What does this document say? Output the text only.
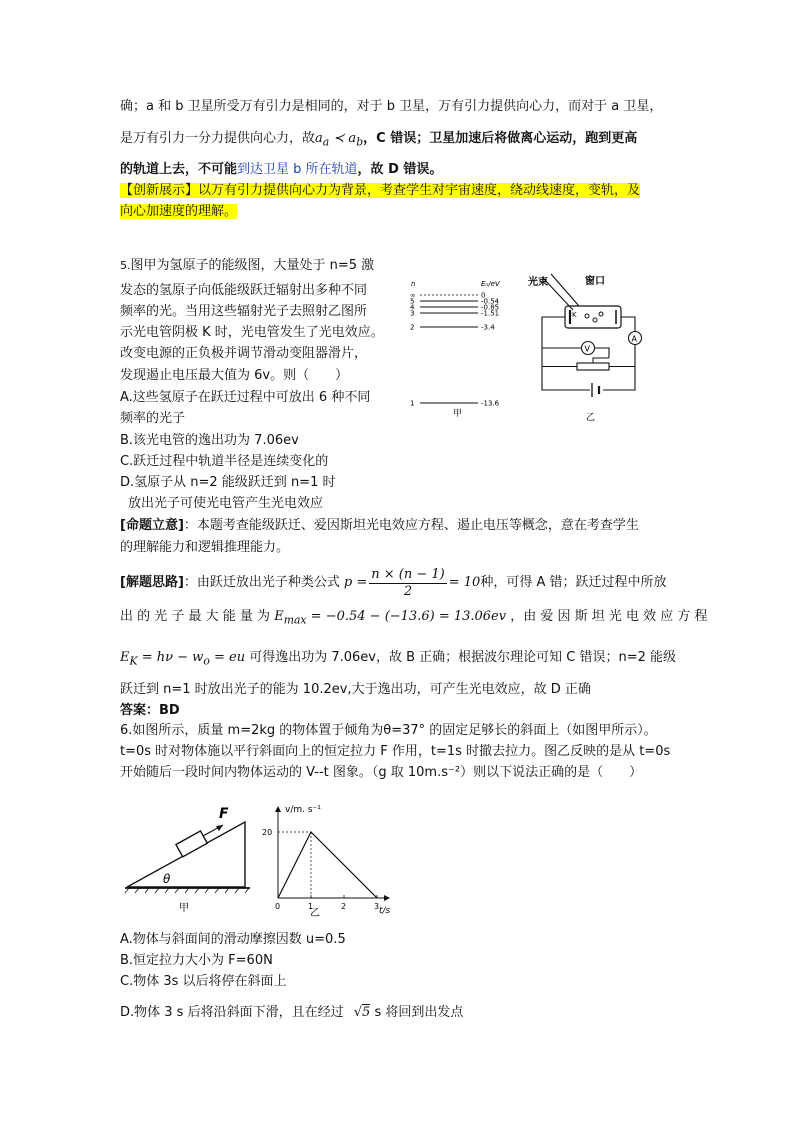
确；a 和 b 卫星所受万有引力是相同的，对于 b 卫星，万有引力提供向心力，而对于 a 卫星，
是万有引力一分力提供向心力，故$a_a$ ≺ $a_b$，C 错误；卫星加速后将做离心运动，跑到更高
的轨道上去，不可能到达卫星 b 所在轨道，故 D 错误。
【创新展示】以万有引力提供向心力为背景，考查学生对宇宙速度，绕动线速度，变轨，及
向心加速度的理解。
$^{5.}$图甲为氢原子的能级图，大量处于 n=5 激
发态的氢原子向低能级跃迁辐射出多种不同
频率的光。当用这些辐射光子去照射乙图所
示光电管阴极 K 时，光电管发生了光电效应。
改变电源的正负极并调节滑动变阻器滑片，
发现遏止电压最大值为 6v。则（　　）
A.这些氢原子在跃迁过程中可放出 6 种不同
频率的光子
B.该光电管的逸出功为 7.06ev
C.跃迁过程中轨道半径是连续变化的
D.氢原子从 n=2 能级跃迁到 n=1 时
放出光子可使光电管产生光电效应
n	Eₙ/eV
∞	0
5	-0.54
4	-0.85
3	-1.51
2	-3.4
1	-13.6
甲
光束	窗口
K
A
V
乙
[命题立意]：本题考查能级跃迁、爱因斯坦光电效应方程、遏止电压等概念，意在考查学生
的理解能力和逻辑推理能力。
[解题思路] ：由跃迁放出光子种类公式 $p = \frac{n \times (n - 1)}{2} = 10$ 种，可得 A 错；跃迁过程中所放
出 的 光 子 最 大 能 量 为 $E_{max} = -0.54 - (-13.6) = 13.06ev$ ，由 爱 因 斯 坦 光 电 效 应 方 程
$E_K = h\nu - w_o$ = eu 可得逸出功为 7.06ev，故 B 正确；根据波尔理论可知 C 错误；n=2 能级
跃迁到 n=1 时放出光子的能为 10.2ev,大于逸出功，可产生光电效应，故 D 正确
答案：BD
6.如图所示，质量 m=2kg 的物体置于倾角为θ=37° 的固定足够长的斜面上（如图甲所示）。
t=0s 时对物体施以平行斜面向上的恒定拉力 F 作用，t=1s 时撤去拉力。图乙反映的是从 t=0s
开始随后一段时间内物体运动的 V--t 图象。（g 取 10m.s⁻²）则以下说法正确的是（　　）
F
θ
甲
v/m. s⁻¹
t/s
0	1	2	3
20
乙
A.物体与斜面间的滑动摩擦因数 u=0.5
B.恒定拉力大小为 F=60N
C.物体 3s 以后将停在斜面上
D.物体 3 s 后将沿斜面下滑，且在经过 √5 s 将回到出发点
